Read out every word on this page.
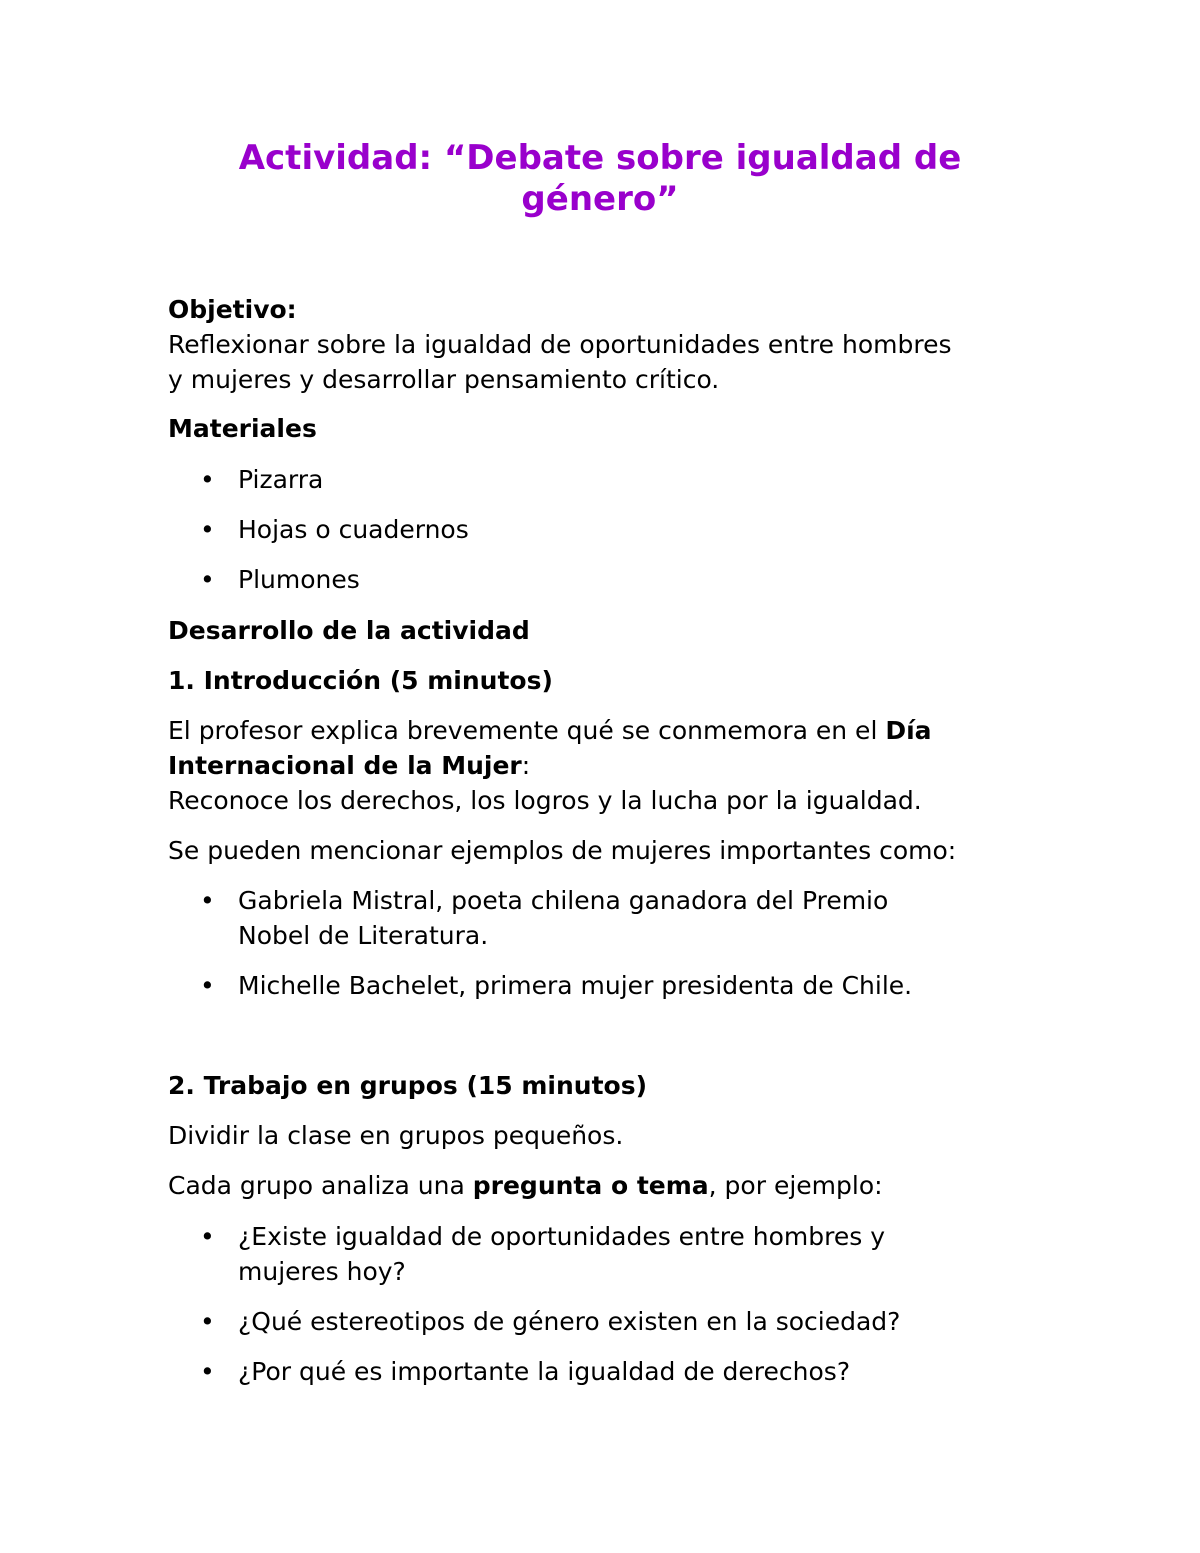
Actividad: “Debate sobre igualdad de género”
Objetivo:
Reflexionar sobre la igualdad de oportunidades entre hombres
y mujeres y desarrollar pensamiento crítico.
Materiales
• Pizarra
• Hojas o cuadernos
• Plumones
Desarrollo de la actividad
1. Introducción (5 minutos)
El profesor explica brevemente qué se conmemora en el Día
Internacional de la Mujer:
Reconoce los derechos, los logros y la lucha por la igualdad.
Se pueden mencionar ejemplos de mujeres importantes como:
• Gabriela Mistral, poeta chilena ganadora del Premio
Nobel de Literatura.
• Michelle Bachelet, primera mujer presidenta de Chile.
2. Trabajo en grupos (15 minutos)
Dividir la clase en grupos pequeños.
Cada grupo analiza una pregunta o tema, por ejemplo:
• ¿Existe igualdad de oportunidades entre hombres y
mujeres hoy?
• ¿Qué estereotipos de género existen en la sociedad?
• ¿Por qué es importante la igualdad de derechos?
